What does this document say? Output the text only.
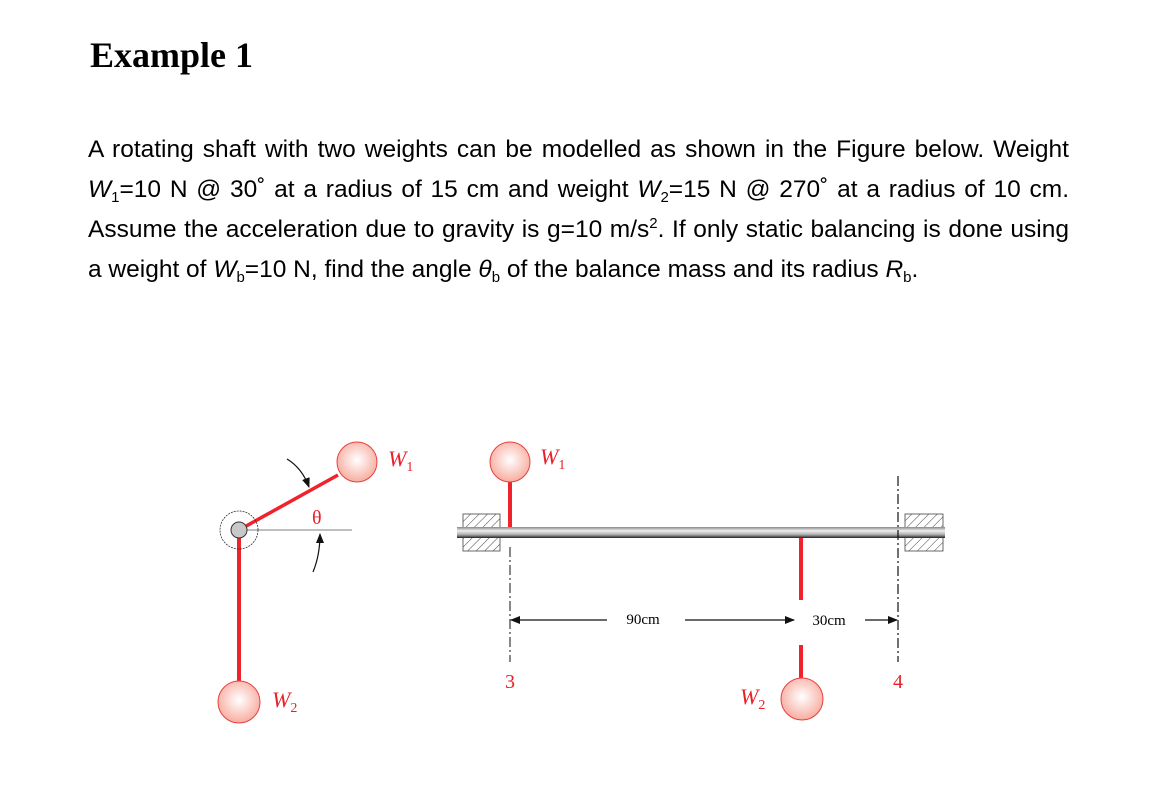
Example 1

A rotating shaft with two weights can be modelled as shown in the Figure below. Weight $W_1=10$ N @ 30˚ at a radius of 15 cm and weight $W_2=15$ N @ 270˚ at a radius of 10 cm. Assume the acceleration due to gravity is g=10 $m/s^2$. If only static balancing is done using a weight of $W_b=10$ N, find the angle $\theta_b$ of the balance mass and its radius $R_b$.

θ
$W_1$
$W_2$
90cm	30cm
3	4
$W_1$
$W_2$
